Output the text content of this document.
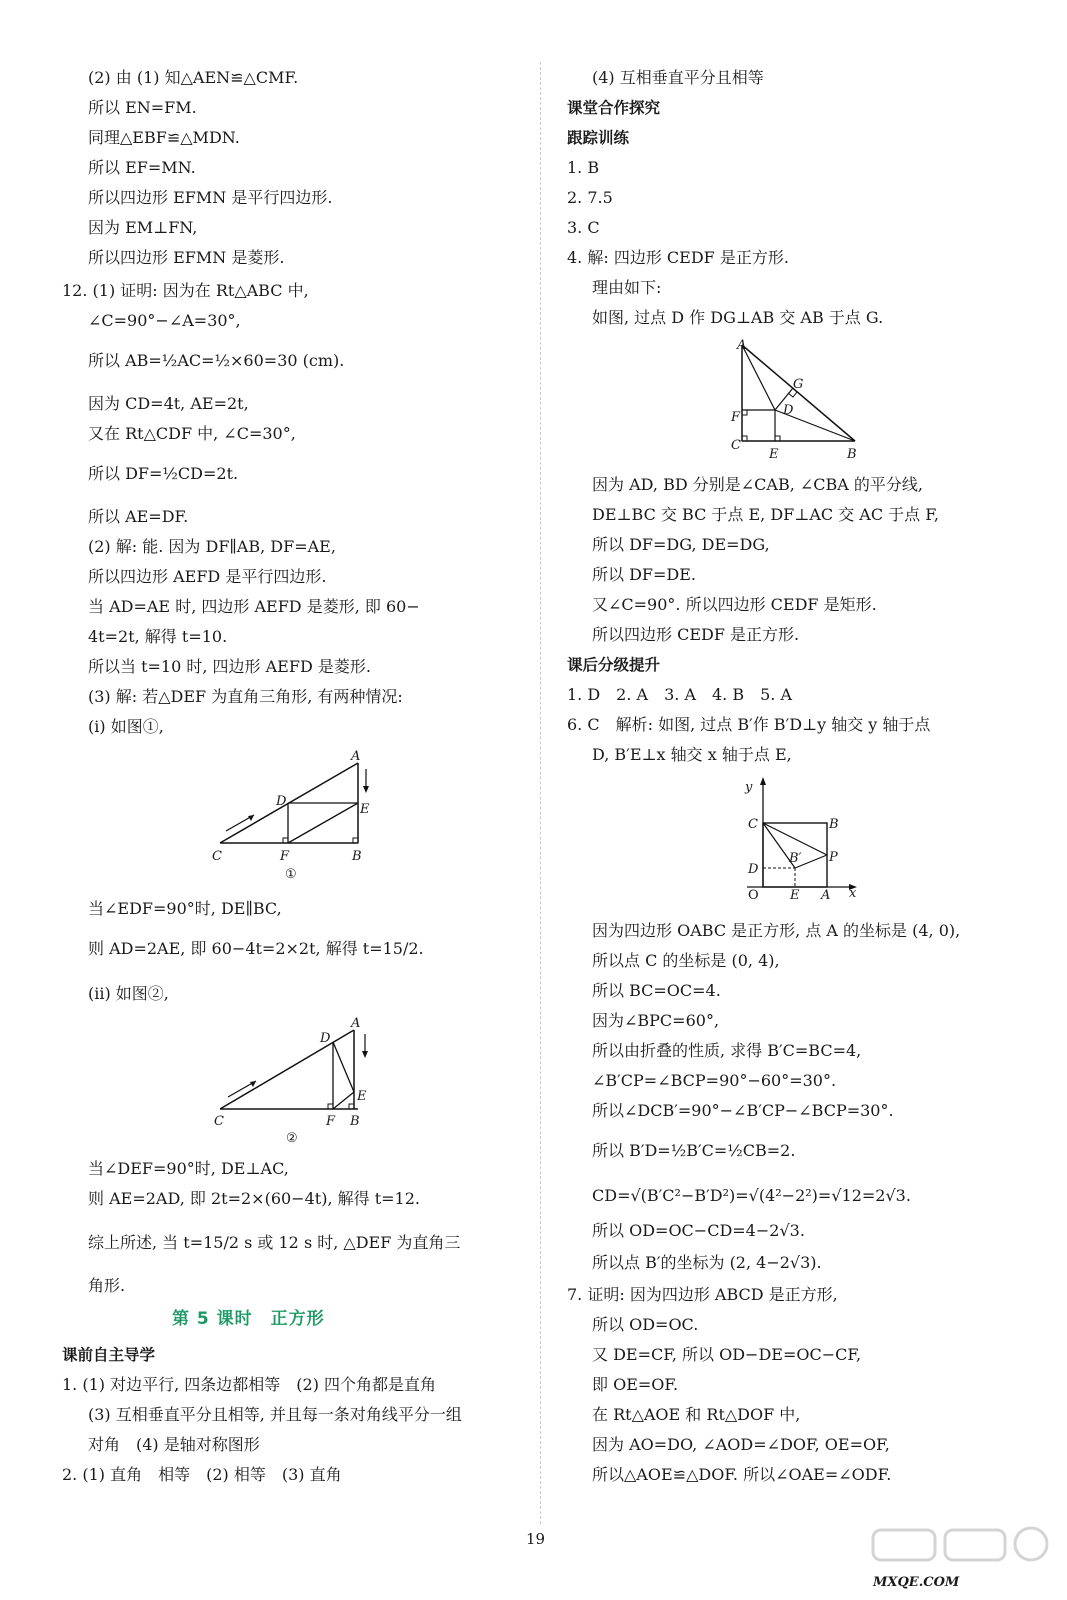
(2) 由 (1) 知△AEN≌△CMF.
所以 EN=FM.
同理△EBF≌△MDN.
所以 EF=MN.
所以四边形 EFMN 是平行四边形.
因为 EM⊥FN,
所以四边形 EFMN 是菱形.
12. (1) 证明: 因为在 Rt△ABC 中,
∠C=90°−∠A=30°,
所以 AB=½AC=½×60=30 (cm).
因为 CD=4t, AE=2t,
又在 Rt△CDF 中, ∠C=30°,
所以 DF=½CD=2t.
所以 AE=DF.
(2) 解: 能. 因为 DF∥AB, DF=AE,
所以四边形 AEFD 是平行四边形.
当 AD=AE 时, 四边形 AEFD 是菱形, 即 60−
4t=2t, 解得 t=10.
所以当 t=10 时, 四边形 AEFD 是菱形.
(3) 解: 若△DEF 为直角三角形, 有两种情况:
(i) 如图①,
A
D
E
C	F	B
①
当∠EDF=90°时, DE∥BC,
则 AD=2AE, 即 60−4t=2×2t, 解得 t=15/2.
(ii) 如图②,
A
D
E
C	F B
②
当∠DEF=90°时, DE⊥AC,
则 AE=2AD, 即 2t=2×(60−4t), 解得 t=12.
综上所述, 当 t=15/2 s 或 12 s 时, △DEF 为直角三
角形.
第 5 课时　正方形
课前自主导学
1. (1) 对边平行, 四条边都相等　(2) 四个角都是直角
(3) 互相垂直平分且相等, 并且每一条对角线平分一组
对角　(4) 是轴对称图形
2. (1) 直角　相等　(2) 相等　(3) 直角
(4) 互相垂直平分且相等
课堂合作探究
跟踪训练
1. B
2. 7.5
3. C
4. 解: 四边形 CEDF 是正方形.
理由如下:
如图, 过点 D 作 DG⊥AB 交 AB 于点 G.
A
G
D
F
C
E	B
因为 AD, BD 分别是∠CAB, ∠CBA 的平分线,
DE⊥BC 交 BC 于点 E, DF⊥AC 交 AC 于点 F,
所以 DF=DG, DE=DG,
所以 DF=DE.
又∠C=90°. 所以四边形 CEDF 是矩形.
所以四边形 CEDF 是正方形.
课后分级提升
1. D　2. A　3. A　4. B　5. A
6. C　解析: 如图, 过点 B′作 B′D⊥y 轴交 y 轴于点
D, B′E⊥x 轴交 x 轴于点 E,
y
C	B
B′ P
D
O E A x
因为四边形 OABC 是正方形, 点 A 的坐标是 (4, 0),
所以点 C 的坐标是 (0, 4),
所以 BC=OC=4.
因为∠BPC=60°,
所以由折叠的性质, 求得 B′C=BC=4,
∠B′CP=∠BCP=90°−60°=30°.
所以∠DCB′=90°−∠B′CP−∠BCP=30°.
所以 B′D=½B′C=½CB=2.
CD=√(B′C²−B′D²)=√(4²−2²)=√12=2√3.
所以 OD=OC−CD=4−2√3.
所以点 B′的坐标为 (2, 4−2√3).
7. 证明: 因为四边形 ABCD 是正方形,
所以 OD=OC.
又 DE=CF, 所以 OD−DE=OC−CF,
即 OE=OF.
在 Rt△AOE 和 Rt△DOF 中,
因为 AO=DO, ∠AOD=∠DOF, OE=OF,
所以△AOE≌△DOF. 所以∠OAE=∠ODF.
19
MXQE.COM
